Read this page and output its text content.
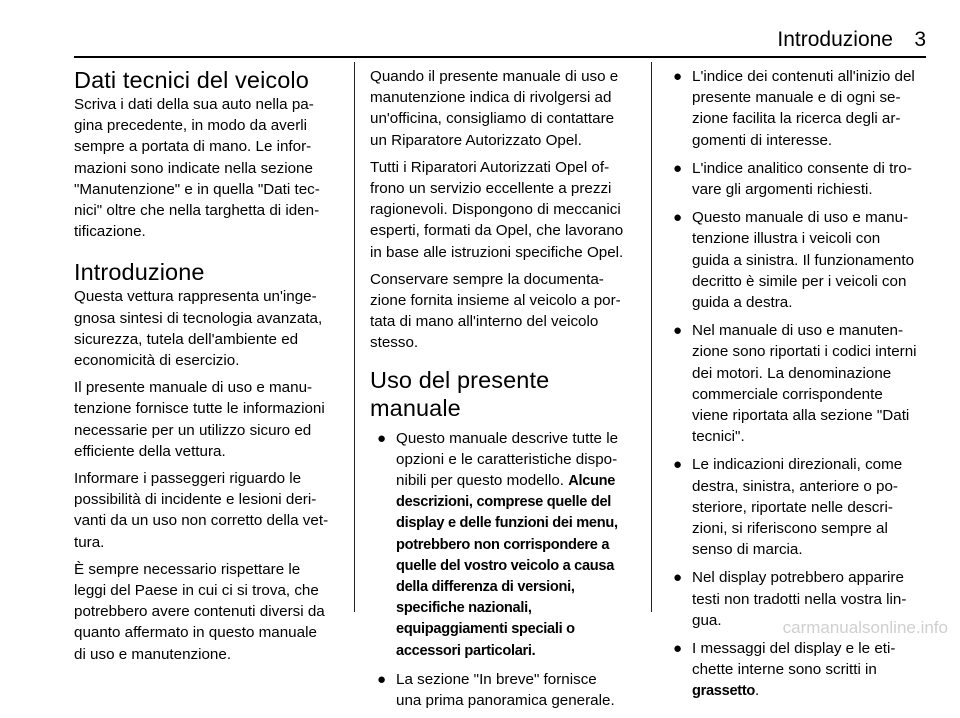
Introduzione 3
Dati tecnici del veicolo

Scriva i dati della sua auto nella pa-
gina precedente, in modo da averli
sempre a portata di mano. Le infor-
mazioni sono indicate nella sezione
"Manutenzione" e in quella "Dati tec-
nici" oltre che nella targhetta di iden-
tificazione.

Introduzione

Questa vettura rappresenta un'inge-
gnosa sintesi di tecnologia avanzata,
sicurezza, tutela dell'ambiente ed
economicità di esercizio.

Il presente manuale di uso e manu-
tenzione fornisce tutte le informazioni
necessarie per un utilizzo sicuro ed
efficiente della vettura.

Informare i passeggeri riguardo le
possibilità di incidente e lesioni deri-
vanti da un uso non corretto della vet-
tura.

È sempre necessario rispettare le
leggi del Paese in cui ci si trova, che
potrebbero avere contenuti diversi da
quanto affermato in questo manuale
di uso e manutenzione.

Quando il presente manuale di uso e
manutenzione indica di rivolgersi ad
un'officina, consigliamo di contattare
un Riparatore Autorizzato Opel.

Tutti i Riparatori Autorizzati Opel of-
frono un servizio eccellente a prezzi
ragionevoli. Dispongono di meccanici
esperti, formati da Opel, che lavorano
in base alle istruzioni specifiche Opel.

Conservare sempre la documenta-
zione fornita insieme al veicolo a por-
tata di mano all'interno del veicolo
stesso.

Uso del presente manuale
● Questo manuale descrive tutte le
opzioni e le caratteristiche dispo-
nibili per questo modello. Alcune
descrizioni, comprese quelle del
display e delle funzioni dei menu,
potrebbero non corrispondere a
quelle del vostro veicolo a causa
della differenza di versioni,
specifiche nazionali,
equipaggiamenti speciali o
accessori particolari.
● La sezione "In breve" fornisce
una prima panoramica generale.
● L'indice dei contenuti all'inizio del
presente manuale e di ogni se-
zione facilita la ricerca degli ar-
gomenti di interesse.
● L'indice analitico consente di tro-
vare gli argomenti richiesti.
● Questo manuale di uso e manu-
tenzione illustra i veicoli con
guida a sinistra. Il funzionamento
decritto è simile per i veicoli con
guida a destra.
● Nel manuale di uso e manuten-
zione sono riportati i codici interni
dei motori. La denominazione
commerciale corrispondente
viene riportata alla sezione "Dati
tecnici".
● Le indicazioni direzionali, come
destra, sinistra, anteriore o po-
steriore, riportate nelle descri-
zioni, si riferiscono sempre al
senso di marcia.
● Nel display potrebbero apparire
testi non tradotti nella vostra lin-
gua.
● I messaggi del display e le eti-
chette interne sono scritti in
grassetto.
carmanualsonline.info
